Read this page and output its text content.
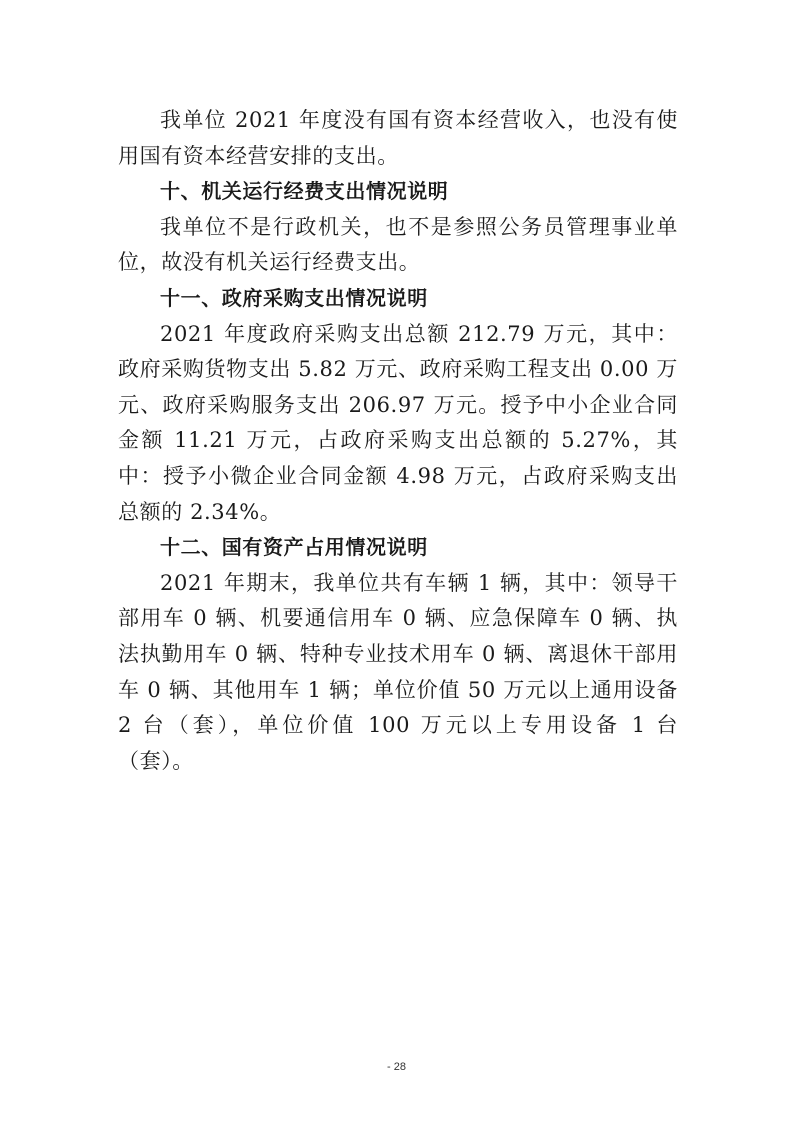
我单位 2021 年度没有国有资本经营收入，也没有使用国有资本经营安排的支出。

十、机关运行经费支出情况说明

我单位不是行政机关，也不是参照公务员管理事业单位，故没有机关运行经费支出。

十一、政府采购支出情况说明

2021 年度政府采购支出总额 212.79 万元，其中：政府采购货物支出 5.82 万元、政府采购工程支出 0.00 万元、政府采购服务支出 206.97 万元。授予中小企业合同金额 11.21 万元，占政府采购支出总额的 5.27%，其中：授予小微企业合同金额 4.98 万元，占政府采购支出总额的 2.34%。

十二、国有资产占用情况说明

2021 年期末，我单位共有车辆 1 辆，其中：领导干部用车 0 辆、机要通信用车 0 辆、应急保障车 0 辆、执法执勤用车 0 辆、特种专业技术用车 0 辆、离退休干部用车 0 辆、其他用车 1 辆；单位价值 50 万元以上通用设备 2 台（套），单位价值 100 万元以上专用设备 1 台（套）。

- 28
